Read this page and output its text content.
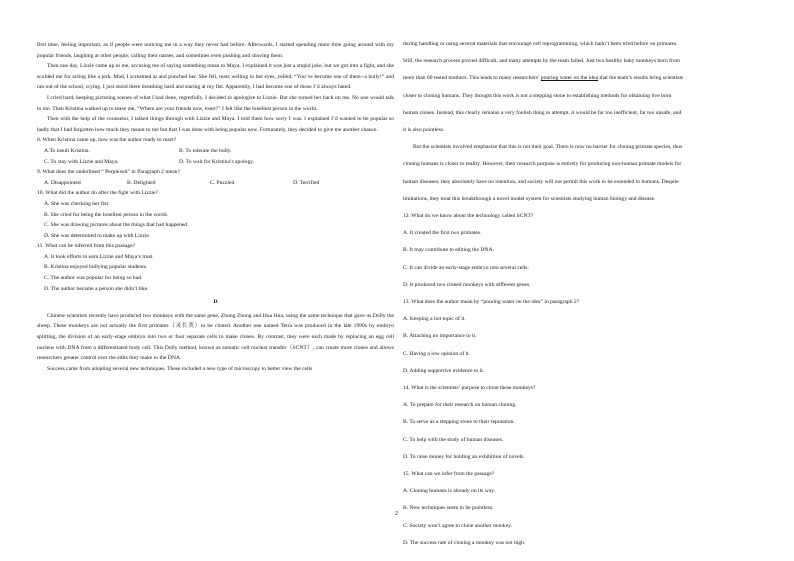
first time, feeling important, as if people were noticing me in a way they never had before. Afterwards, I started spending more time going around with my popular friends, laughing at other people, calling their names, and sometimes even pushing and shoving them.

Then one day, Lizzie came up to me, accusing me of saying something mean to Maya. I explained it was just a stupid joke, but we got into a fight, and she scolded me for acting like a jerk. Mad, I screamed at and punched her. She fell, tears welling in her eyes, yelled, “You’ve become one of them--a bully!” and ran out of the school, crying. I just stood there breathing hard and staring at my fist. Apparently, I had become one of those I’d always hated.

I cried hard, keeping picturing scenes of what I had done, regretfully. I decided to apologize to Lizzie. But she turned her back on me. No one would talk to me. Then Kristina walked up to tease me, “Where are your friends now, loser?” I felt like the loneliest person in the world.

Then with the help of the counselor, I talked things through with Lizzie and Maya. I told them how sorry I was. I explained I’d wanted to be popular so badly that I had forgotten how much they meant to me but that I was done with being popular now. Fortunately, they decided to give me another chance.

8. When Kristina came up, how was the author ready to react?

A.To insult Kristina.	B. To tolerate the bully.
C. To stay with Lizzie and Maya.	D. To wait for Kristina’s apology.

9. What does the underlined “ Perplexed” in Paragraph 2 mean?

A. Disappointed	B. Delighted	C. Puzzled	D. Terrified

10. What did the author do after the fight with Lizzie?

A. She was checking her fist.

B. She cried for being the loneliest person in the world.

C. She was drawing pictures about the things that had happened.

D. She was determined to make up with Lizzie.

11. What can be inferred from this passage?

A. It took efforts to earn Lizzie and Maya’s trust.

B. Kristina enjoyed bullying popular students.

C. The author was popular for being so bad.

D. The author became a person she didn’t like.

D

Chinese scientists recently have produced two monkeys with the same gene, Zhong Zhong and Hua Hua, using the same technique that gave us Dolly the sheep. These monkeys are not actually the first primates（灵长类）to be cloned. Another one named Tetra was produced in the late 1990s by embryo splitting, the division of an early-stage embryo into two or four separate cells to make clones. By contrast, they were each made by replacing an egg cell nucleus with DNA from a differentiated body cell. This Dolly method, known as somatic cell nuclear transfer（SCNT）, can create more clones and allows researchers greater control over the edits they make to the DNA.

Success came from adopting several new techniques. These included a new type of microscopy to better view the cells

during handling or using several materials that encourage cell reprogramming, which hadn’t been tried before on primates.

Still, the research process proved difficult, and many attempts by the team failed. Just two healthy baby monkeys born from

more than 60 tested mothers. This leads to many researchers’ pouring water on the idea that the team’s results bring scientists

closer to cloning humans. They thought this work is not a stepping stone to establishing methods for obtaining live born

human clones. Instead, this clearly remains a very foolish thing to attempt, it would be far too inefficient, far too unsafe, and

it is also pointless.

But the scientists involved emphasize that this is not their goal. There is now no barrier for cloning primate species, thus

cloning humans is closer to reality. However, their research purpose is entirely for producing non-human primate models for

human diseases; they absolutely have no intention, and society will not permit this work to be extended to humans. Despite

limitations, they treat this breakthrough a novel model system for scientists studying human biology and disease.

12. What do we know about the technology called SCNT?

A. It created the first two primates.

B. It may contribute to editing the DNA.

C. It can divide an early-stage embryo into several cells.

D. It produced two cloned monkeys with different genes.

13. What does the author mean by “pouring water on the idea” in paragraph 2?

A. Keeping a hot topic of it.

B. Attaching no importance to it.

C. Having a low opinion of it.

D. Adding supportive evidence to it.

14. What is the scientists’ purpose to clone these monkeys?

A. To prepare for their research on human cloning.

B. To serve as a stepping stone to their reputation.

C. To help with the study of human diseases.

D. To raise money for holding an exhibition of novels.

15. What can we infer from the passage?

A. Cloning humans is already on its way.

B. New techniques seem to be pointless.

C. Society won’t agree to clone another monkey.

D. The success rate of cloning a monkey was not high.

2
